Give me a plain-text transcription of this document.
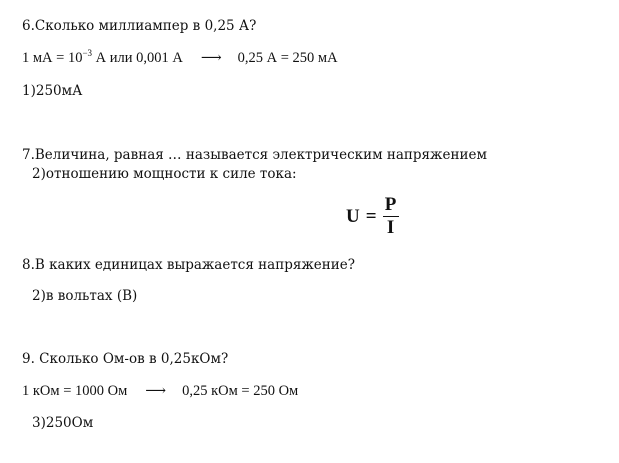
6.Сколько миллиампер в 0,25 А?
1 мА = $10^{-3}$ А или 0,001 А ⟶ 0,25 А = 250 мА
1)250мА
7.Величина, равная … называется электрическим напряжением
2)отношению мощности к силе тока:
$U = \frac{P}{I}$
8.В каких единицах выражается напряжение?
2)в вольтах (В)
9. Сколько Ом-ов в 0,25кОм?
1 кОм = 1000 Ом ⟶ 0,25 кОм = 250 Ом
3)250Ом
